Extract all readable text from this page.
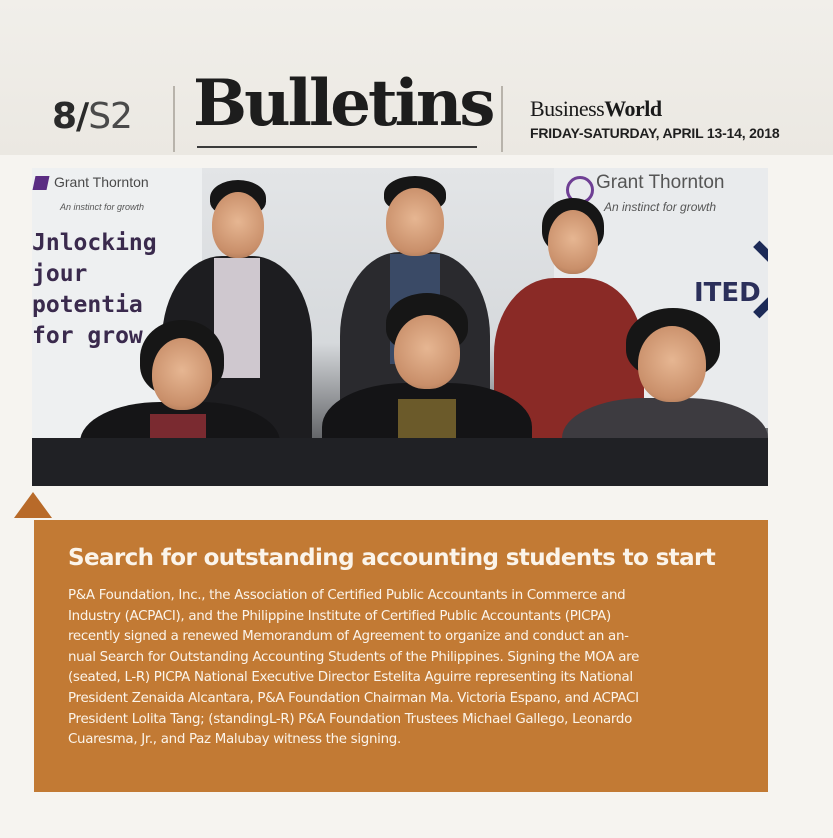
8/S2 Bulletins BusinessWorld
FRIDAY-SATURDAY, APRIL 13-14, 2018
Grant Thornton
An instinct for growth
Jnlocking
jour
potentia
for grow
Grant Thornton
An instinct for growth
ITED
Search for outstanding accounting students to start
P&A Foundation, Inc., the Association of Certified Public Accountants in Commerce and
Industry (ACPACI), and the Philippine Institute of Certified Public Accountants (PICPA)
recently signed a renewed Memorandum of Agreement to organize and conduct an an-
nual Search for Outstanding Accounting Students of the Philippines. Signing the MOA are
(seated, L-R) PICPA National Executive Director Estelita Aguirre representing its National
President Zenaida Alcantara, P&A Foundation Chairman Ma. Victoria Espano, and ACPACI
President Lolita Tang; (standingL-R) P&A Foundation Trustees Michael Gallego, Leonardo
Cuaresma, Jr., and Paz Malubay witness the signing.
